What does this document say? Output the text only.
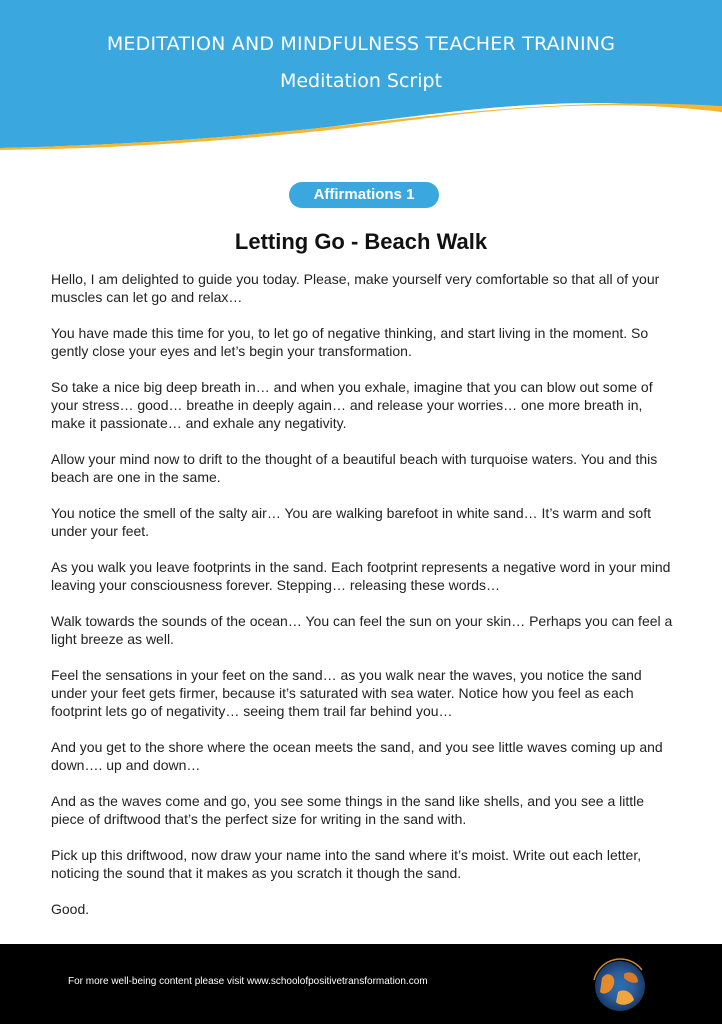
MEDITATION AND MINDFULNESS TEACHER TRAINING
Meditation Script
Affirmations 1
Letting Go - Beach Walk

Hello, I am delighted to guide you today. Please, make yourself very comfortable so that all of your muscles can let go and relax…

You have made this time for you, to let go of negative thinking, and start living in the moment. So gently close your eyes and let’s begin your transformation.

So take a nice big deep breath in… and when you exhale, imagine that you can blow out some of your stress… good… breathe in deeply again… and release your worries… one more breath in, make it passionate… and exhale any negativity.

Allow your mind now to drift to the thought of a beautiful beach with turquoise waters. You and this beach are one in the same.

You notice the smell of the salty air… You are walking barefoot in white sand… It’s warm and soft under your feet.

As you walk you leave footprints in the sand. Each footprint represents a negative word in your mind leaving your consciousness forever. Stepping… releasing these words…

Walk towards the sounds of the ocean… You can feel the sun on your skin… Perhaps you can feel a light breeze as well.

Feel the sensations in your feet on the sand… as you walk near the waves, you notice the sand under your feet gets firmer, because it’s saturated with sea water. Notice how you feel as each footprint lets go of negativity… seeing them trail far behind you…

And you get to the shore where the ocean meets the sand, and you see little waves coming up and down…. up and down…

And as the waves come and go, you see some things in the sand like shells, and you see a little piece of driftwood that’s the perfect size for writing in the sand with.

Pick up this driftwood, now draw your name into the sand where it’s moist. Write out each letter, noticing the sound that it makes as you scratch it though the sand.

Good.

For more well-being content please visit www.schoolofpositivetransformation.com
